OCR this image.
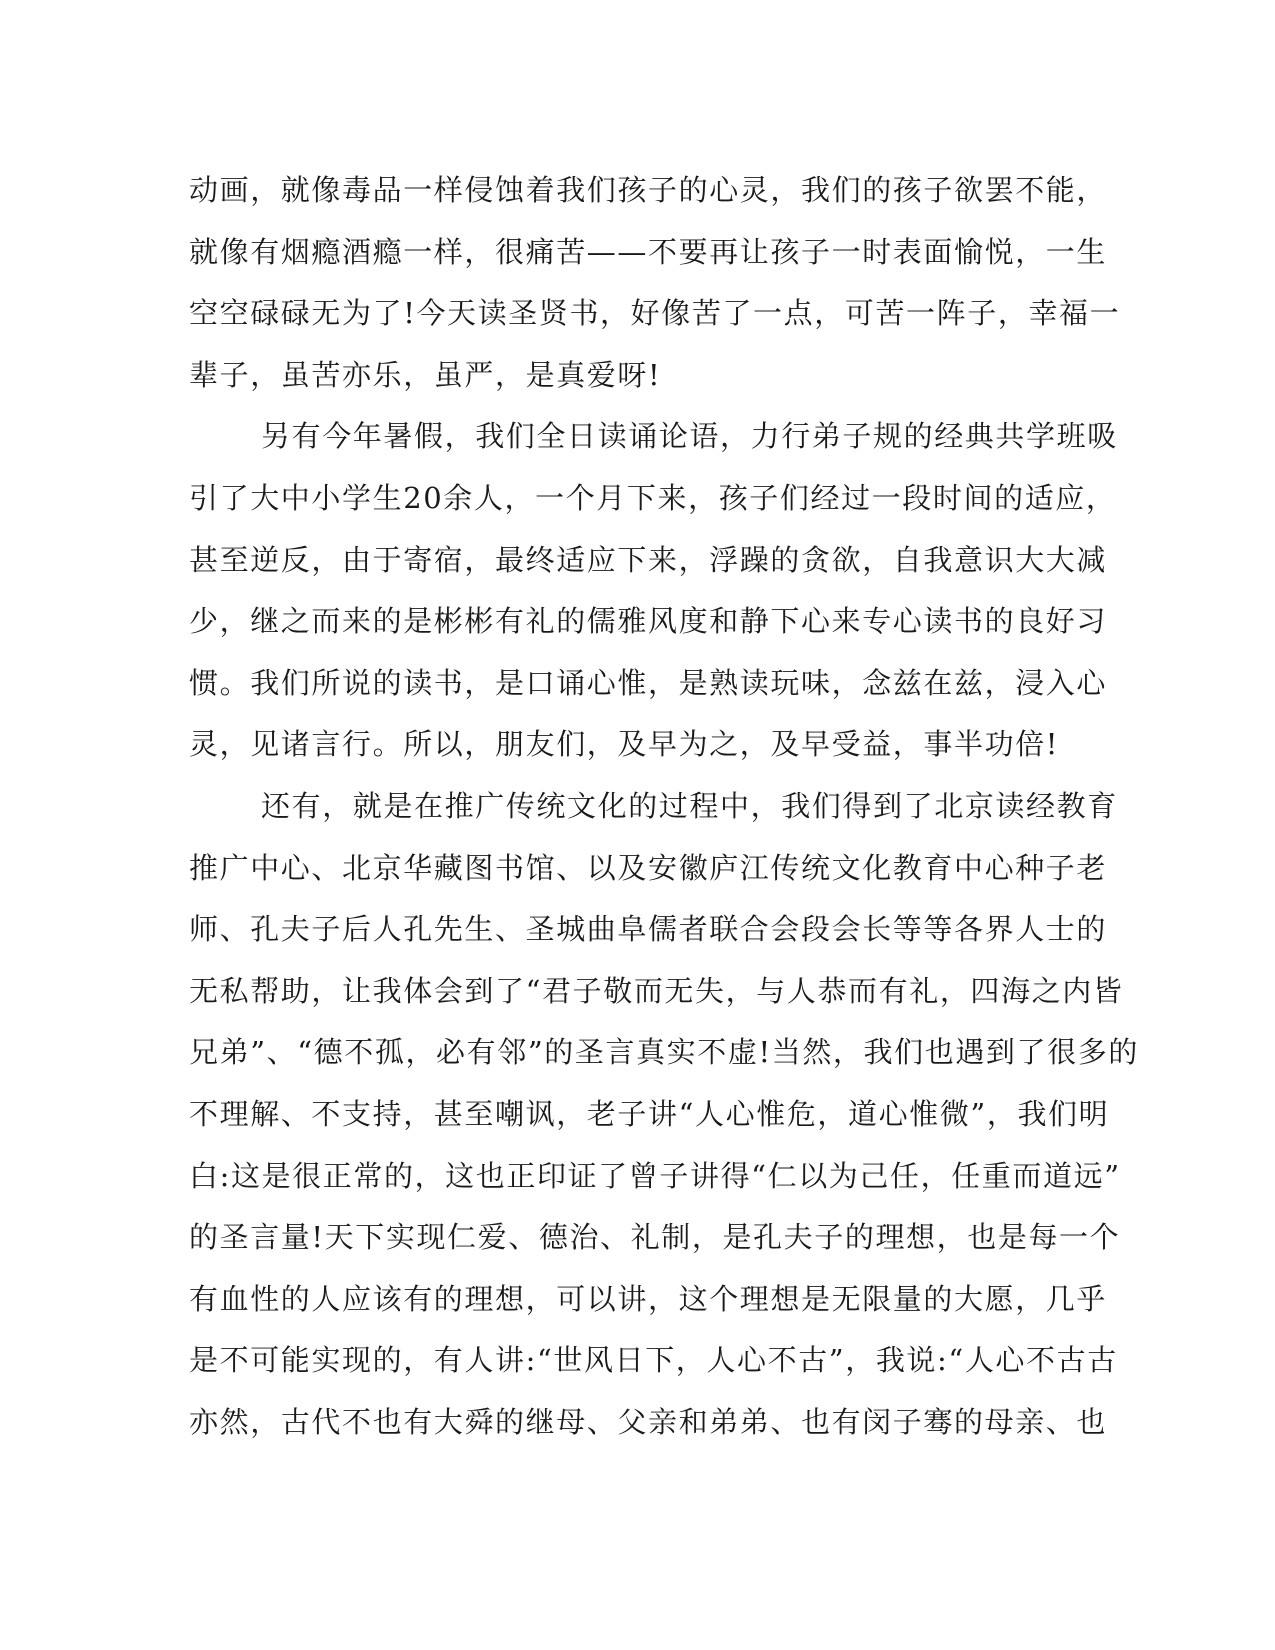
动画，就像毒品一样侵蚀着我们孩子的心灵，我们的孩子欲罢不能，
就像有烟瘾酒瘾一样，很痛苦——不要再让孩子一时表面愉悦，一生
空空碌碌无为了!今天读圣贤书，好像苦了一点，可苦一阵子，幸福一
辈子，虽苦亦乐，虽严，是真爱呀!
另有今年暑假，我们全日读诵论语，力行弟子规的经典共学班吸
引了大中小学生20余人，一个月下来，孩子们经过一段时间的适应，
甚至逆反，由于寄宿，最终适应下来，浮躁的贪欲，自我意识大大减
少，继之而来的是彬彬有礼的儒雅风度和静下心来专心读书的良好习
惯。我们所说的读书，是口诵心惟，是熟读玩味，念兹在兹，浸入心
灵，见诸言行。所以，朋友们，及早为之，及早受益，事半功倍!
还有，就是在推广传统文化的过程中，我们得到了北京读经教育
推广中心、北京华藏图书馆、以及安徽庐江传统文化教育中心种子老
师、孔夫子后人孔先生、圣城曲阜儒者联合会段会长等等各界人士的
无私帮助，让我体会到了“君子敬而无失，与人恭而有礼，四海之内皆
兄弟”、“德不孤，必有邻”的圣言真实不虚!当然，我们也遇到了很多的
不理解、不支持，甚至嘲讽，老子讲“人心惟危，道心惟微”，我们明
白:这是很正常的，这也正印证了曾子讲得“仁以为己任，任重而道远”
的圣言量!天下实现仁爱、德治、礼制，是孔夫子的理想，也是每一个
有血性的人应该有的理想，可以讲，这个理想是无限量的大愿，几乎
是不可能实现的，有人讲:“世风日下，人心不古”，我说:“人心不古古
亦然，古代不也有大舜的继母、父亲和弟弟、也有闵子骞的母亲、也
